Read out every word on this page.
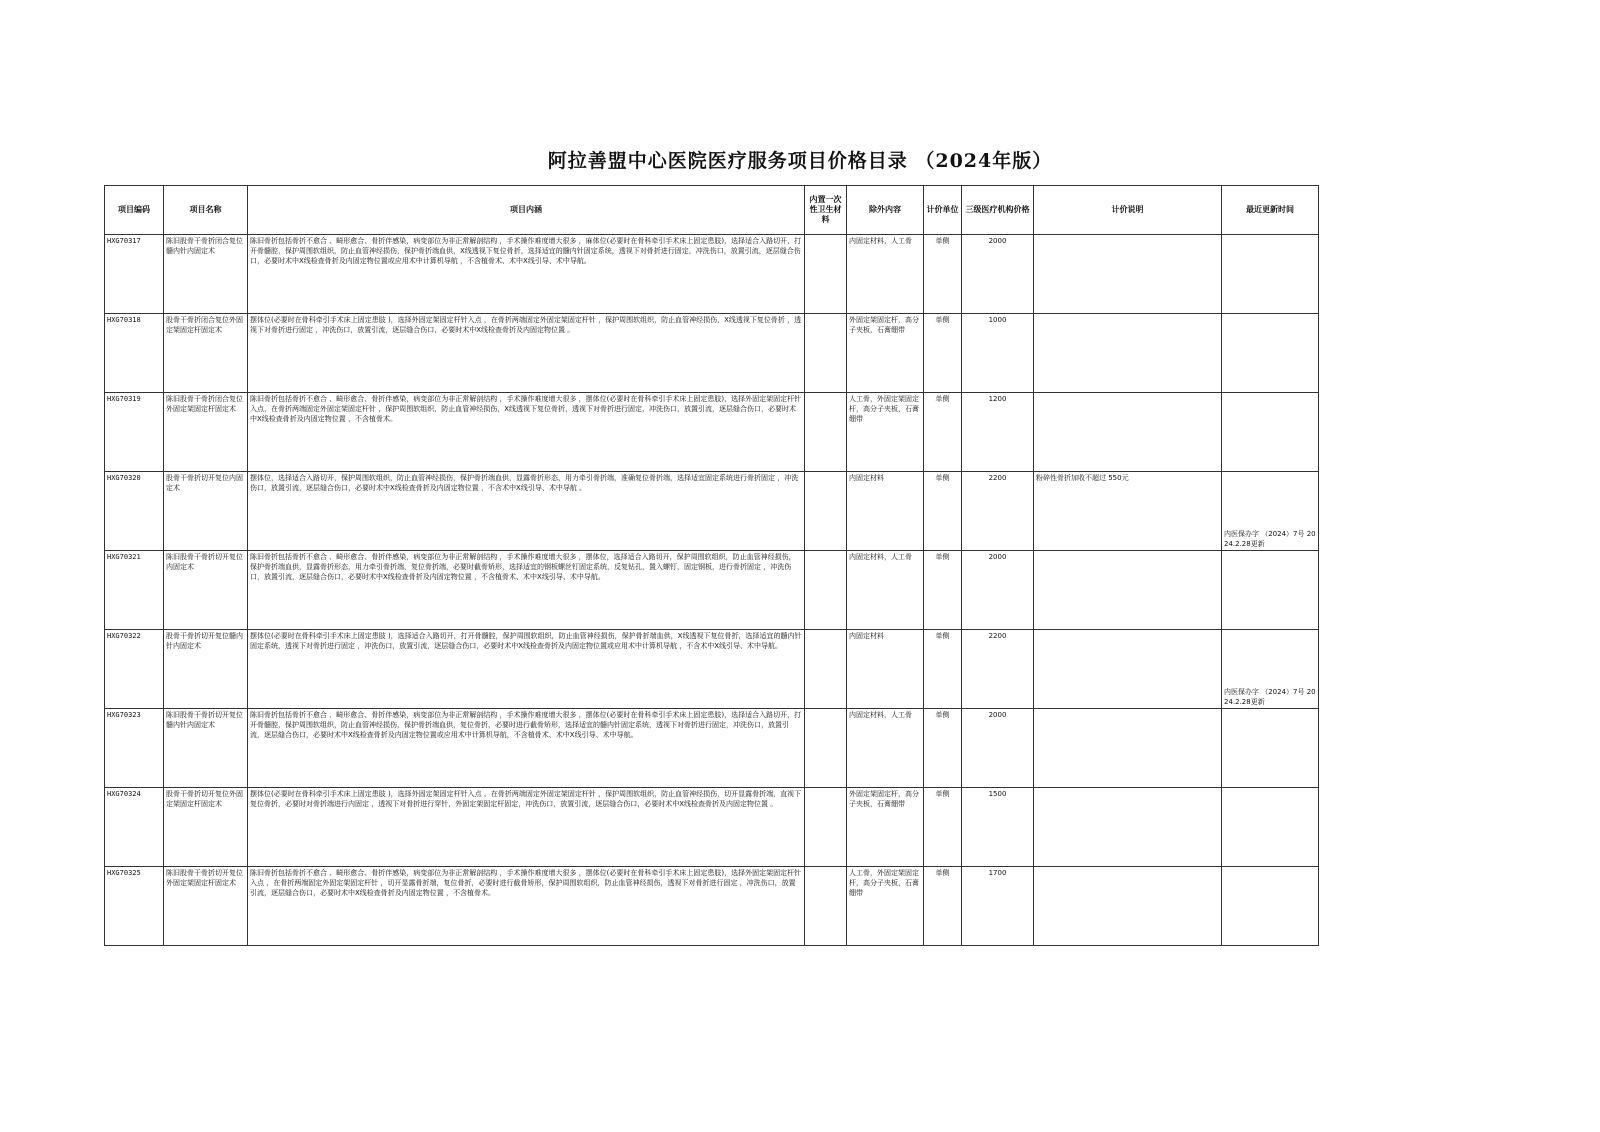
阿拉善盟中心医院医疗服务项目价格目录 （2024年版）
项目编码	项目名称	项目内涵	内置一次性卫生材料	除外内容	计价单位	三级医疗机构价格	计价说明	最近更新时间
HXG70317	陈旧股骨干骨折闭合复位髓内针内固定术	陈旧骨折包括骨折不愈合 、畸形愈合、骨折伴感染，病变部位为非正常解剖结构 ，手术操作难度增大很多 ，麻体位(必要时在骨科牵引手术床上固定患肢)，选择适合入路切开，打开骨髓腔，保护周围软组织，防止血管神经损伤，保护骨折端血供，X线透视下复位骨折，选择适宜的髓内针固定系统，透视下对骨折进行固定，冲洗伤口，放置引流，逐层缝合伤口，必要时术中X线检查骨折及内固定物位置或应用术中计算机导航 ，不含植骨术、术中X线引导、术中导航。		内固定材料，人工骨	单侧	2000		

HXG70318	股骨干骨折闭合复位外固定架固定杆固定术	摆体位(必要时在骨科牵引手术床上固定患肢 )，选择外固定架固定杆针入点 ，在骨折两端固定外固定架固定杆针 ，保护周围软组织，防止血管神经损伤，X线透视下复位骨折 ，透视下对骨折进行固定 ，冲洗伤口，放置引流，逐层缝合伤口，必要时术中X线检查骨折及内固定物位置 。		外固定架固定杆，高分子夹板，石膏绷带	单侧	1000		

HXG70319	陈旧股骨干骨折闭合复位外固定架固定杆固定术	陈旧骨折包括骨折不愈合 、畸形愈合、骨折伴感染，病变部位为非正常解剖结构 ，手术操作难度增大很多 ，摆体位(必要时在骨科牵引手术床上固定患肢)，选择外固定架固定杆针入点，在骨折两端固定外固定架固定杆针 ，保护周围软组织，防止血管神经损伤，X线透视下复位骨折，透视下对骨折进行固定，冲洗伤口，放置引流，逐层缝合伤口，必要时术中X线检查骨折及内固定物位置 ，不含植骨术。		人工骨，外固定架固定杆，高分子夹板，石膏绷带	单侧	1200		

HXG70320	股骨干骨折切开复位内固定术	摆体位，选择适合入路切开，保护周围软组织，防止血管神经损伤，保护骨折端血供，显露骨折形态，用力牵引骨折端，准确复位骨折端，选择适宜固定系统进行骨折固定 ，冲洗伤口，放置引流，逐层缝合伤口，必要时术中X线检查骨折及内固定物位置 ，不含术中X线引导、术中导航 。		内固定材料	单侧	2200	粉碎性骨折加收不超过 550元	内医保办字 （2024）7号 2024.2.28更新

HXG70321	陈旧股骨干骨折切开复位内固定术	陈旧骨折包括骨折不愈合 、畸形愈合、骨折伴感染，病变部位为非正常解剖结构 ，手术操作难度增大很多 ，摆体位，选择适合入路切开，保护周围软组织，防止血管神经损伤，保护骨折端血供，显露骨折形态，用力牵引骨折端，复位骨折端，必要时截骨矫形，选择适宜的钢板螺丝钉固定系统，反复钻孔，置入螺钉，固定钢板，进行骨折固定 ，冲洗伤口，放置引流，逐层缝合伤口，必要时术中X线检查骨折及内固定物位置 ，不含植骨术、术中X线引导、术中导航。		内固定材料，人工骨	单侧	2000		

HXG70322	股骨干骨折切开复位髓内针内固定术	摆体位(必要时在骨科牵引手术床上固定患肢 )，选择适合入路切开，打开骨髓腔，保护周围软组织，防止血管神经损伤，保护骨折端血供，X线透视下复位骨折，选择适宜的髓内针固定系统，透视下对骨折进行固定 ，冲洗伤口，放置引流，逐层缝合伤口，必要时术中X线检查骨折及内固定物位置或应用术中计算机导航 ，不含术中X线引导、术中导航。		内固定材料	单侧	2200		内医保办字 （2024）7号 2024.2.28更新

HXG70323	陈旧股骨干骨折切开复位髓内针内固定术	陈旧骨折包括骨折不愈合 、畸形愈合、骨折伴感染，病变部位为非正常解剖结构 ，手术操作难度增大很多 ，摆体位(必要时在骨科牵引手术床上固定患肢)，选择适合入路切开，打开骨髓腔，保护周围软组织，防止血管神经损伤，保护骨折端血供，复位骨折，必要时进行截骨矫形，选择适宜的髓内针固定系统，透视下对骨折进行固定，冲洗伤口，放置引流，逐层缝合伤口，必要时术中X线检查骨折及内固定物位置或应用术中计算机导航，不含植骨术、术中X线引导、术中导航。		内固定材料，人工骨	单侧	2000		

HXG70324	股骨干骨折切开复位外固定架固定杆固定术	摆体位(必要时在骨科牵引手术床上固定患肢 )，选择外固定架固定杆针入点 ，在骨折两端固定外固定架固定杆针 ，保护周围软组织，防止血管神经损伤，切开显露骨折端，直视下复位骨折，必要时对骨折端进行内固定 ，透视下对骨折进行穿针，外固定架固定杆固定，冲洗伤口，放置引流，逐层缝合伤口，必要时术中X线检查骨折及内固定物位置 。		外固定架固定杆，高分子夹板，石膏绷带	单侧	1500		

HXG70325	陈旧股骨干骨折切开复位外固定架固定杆固定术	陈旧骨折包括骨折不愈合 、畸形愈合、骨折伴感染，病变部位为非正常解剖结构 ，手术操作难度增大很多 ，摆体位(必要时在骨科牵引手术床上固定患肢)，选择外固定架固定杆针入点 ，在骨折两端固定外固定架固定杆针 ，切开显露骨折端，复位骨折，必要时进行截骨矫形，保护周围软组织，防止血管神经损伤，透视下对骨折进行固定 ，冲洗伤口，放置引流，逐层缝合伤口，必要时术中X线检查骨折及内固定物位置 ，不含植骨术。		人工骨，外固定架固定杆，高分子夹板，石膏绷带	单侧	1700		
